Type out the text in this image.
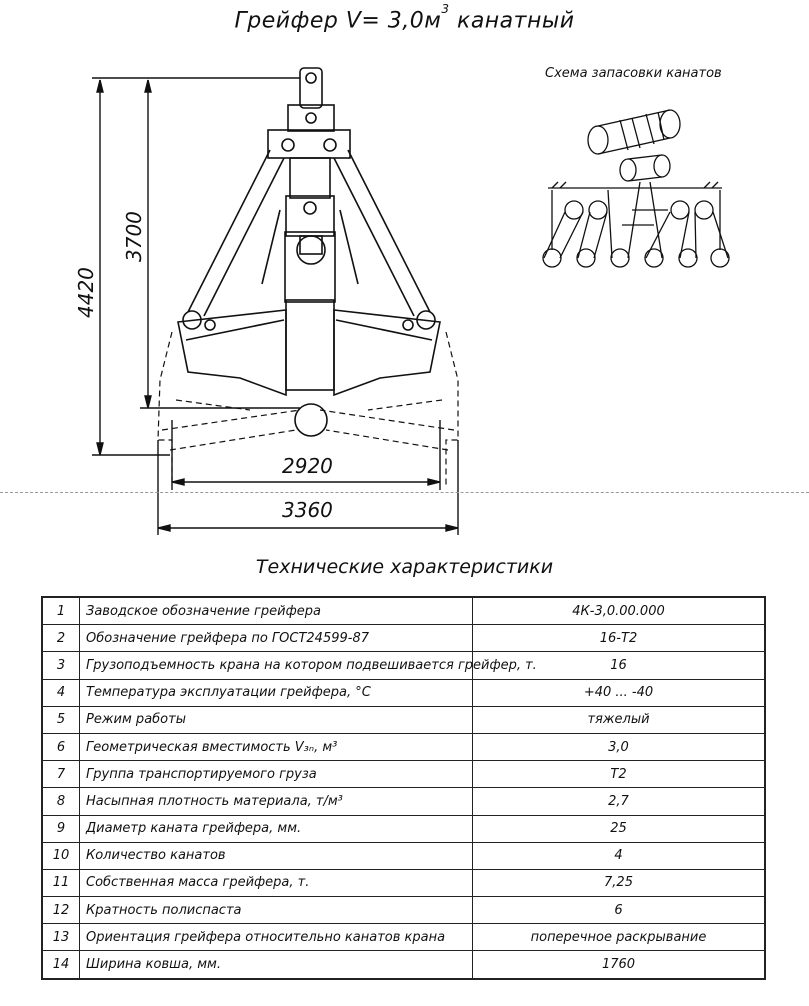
Грейфер $V= 3,0м^3$ канатный
Схема запасовки канатов
4420
3700
2920
3360
Технические характеристики
1	Заводское обозначение грейфера	4К-3,0.00.000
2	Обозначение грейфера по ГОСТ24599-87	16-Т2
3	Грузоподъемность крана на котором подвешивается грейфер, т.	16
4	Температура эксплуатации грейфера, °С	+40 ... -40
5	Режим работы	тяжелый
6	Геометрическая вместимость V₃ₙ, м³	3,0
7	Группа транспортируемого груза	Т2
8	Насыпная плотность материала, т/м³	2,7
9	Диаметр каната грейфера, мм.	25
10	Количество канатов	4
11	Собственная масса грейфера, т.	7,25
12	Кратность полиспаста	6
13	Ориентация грейфера относительно канатов крана	поперечное раскрывание
14	Ширина ковша, мм.	1760
